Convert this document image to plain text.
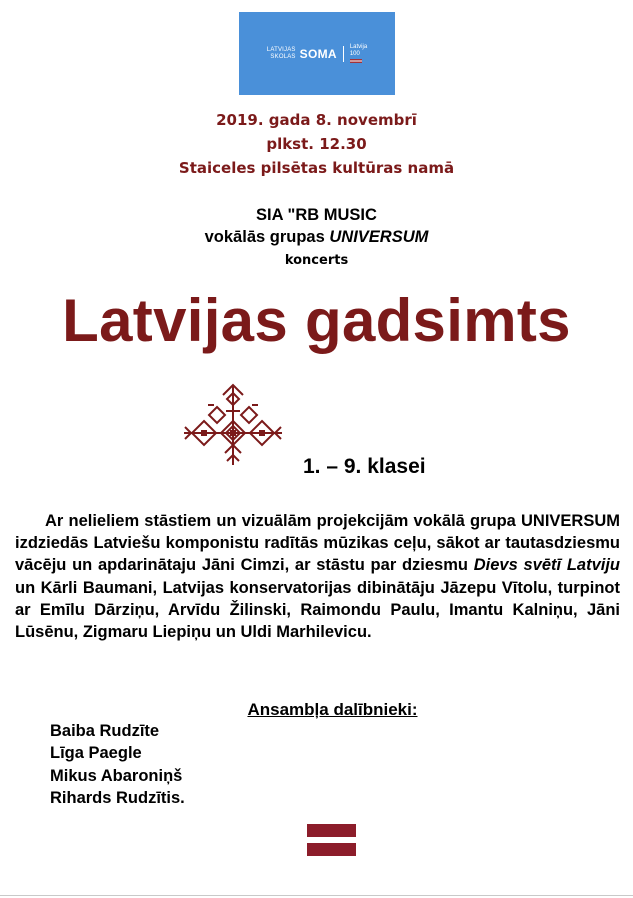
LATVIJAS
SKOLAS SOMA Latvija
100
2019. gada 8. novembrī
plkst. 12.30
Staiceles pilsētas kultūras namā
SIA "RB MUSIC
vokālās grupas UNIVERSUM
koncerts
Latvijas gadsimts
1. – 9. klasei

Ar nelieliem stāstiem un vizuālām projekcijām vokālā grupa UNIVERSUM izdziedās Latviešu komponistu radītās mūzikas ceļu, sākot ar tautasdziesmu vācēju un apdarinātaju Jāni Cimzi, ar stāstu par dziesmu Dievs svētī Latviju un Kārli Baumani, Latvijas konservatorijas dibinātāju Jāzepu Vītolu, turpinot ar Emīlu Dārziņu, Arvīdu Žilinski, Raimondu Paulu, Imantu Kalniņu, Jāni Lūsēnu, Zigmaru Liepiņu un Uldi Marhilevicu.

Ansambļa dalībnieki:
Baiba Rudzīte
Līga Paegle
Mikus Abaroniņš
Rihards Rudzītis.
